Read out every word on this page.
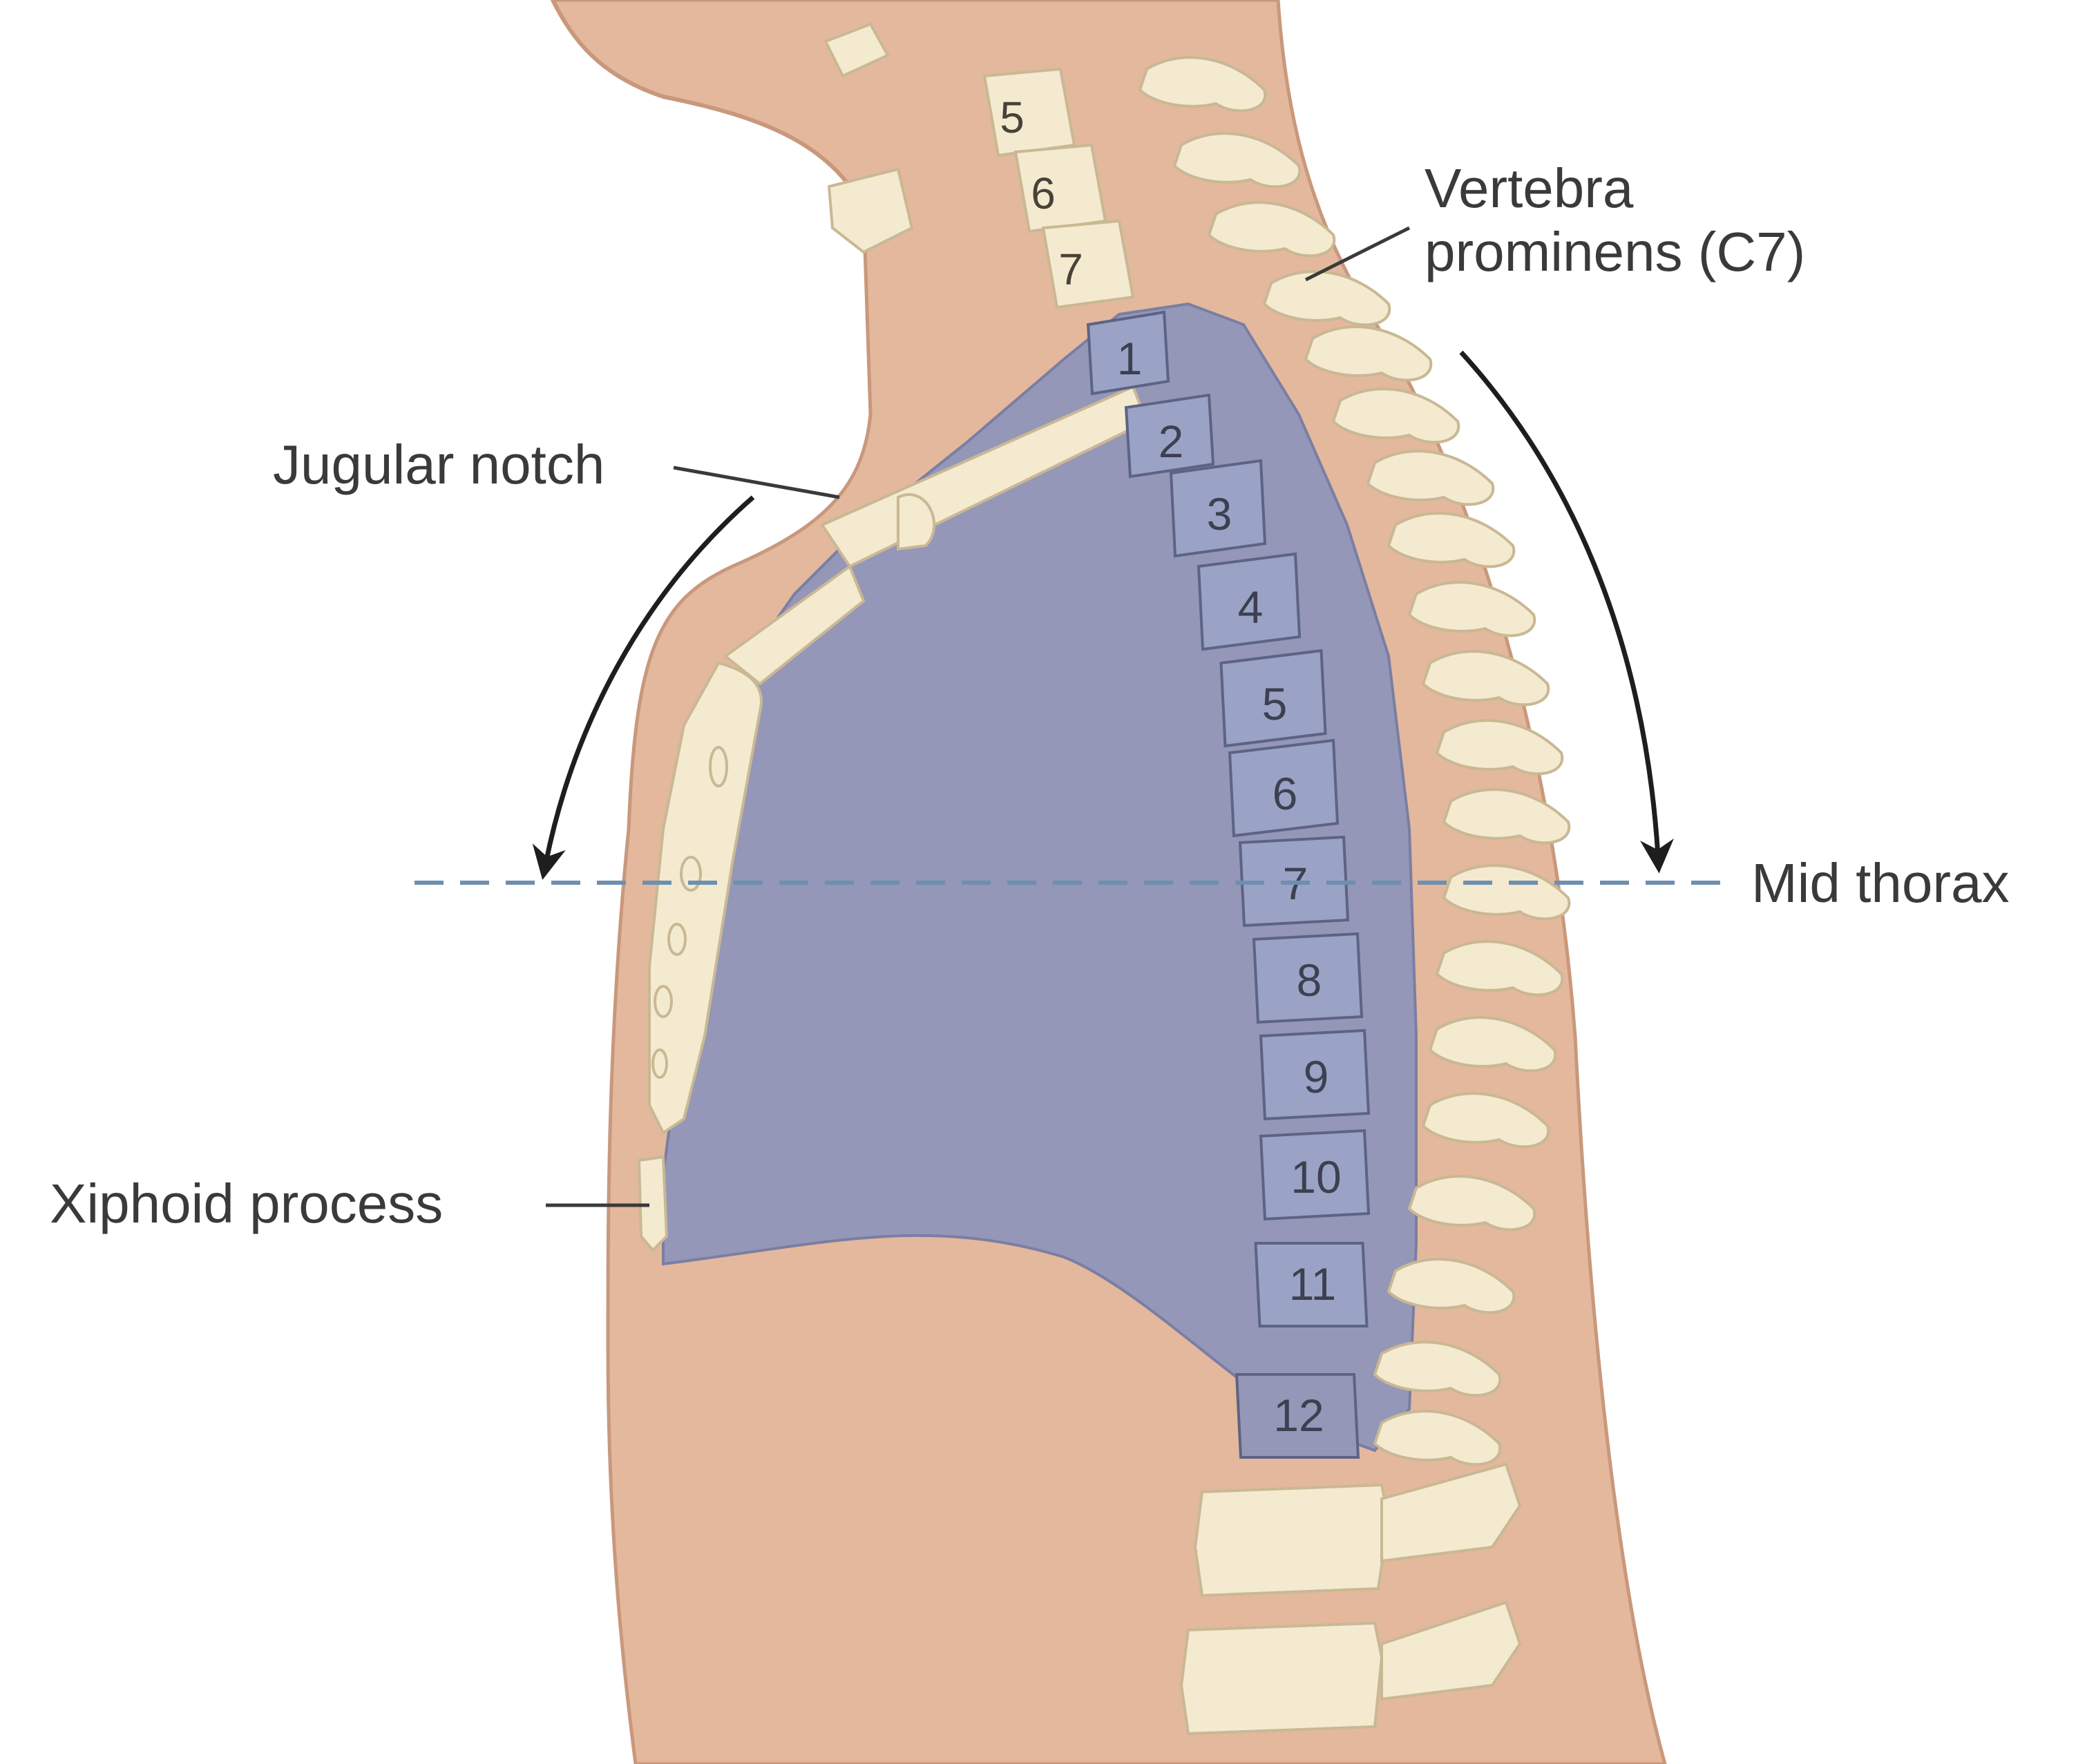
5
6
7
1
2
3
4
5
6
7
8
9
10
11
12
Vertebra
prominens (C7)
Jugular notch
Mid thorax
Xiphoid process
